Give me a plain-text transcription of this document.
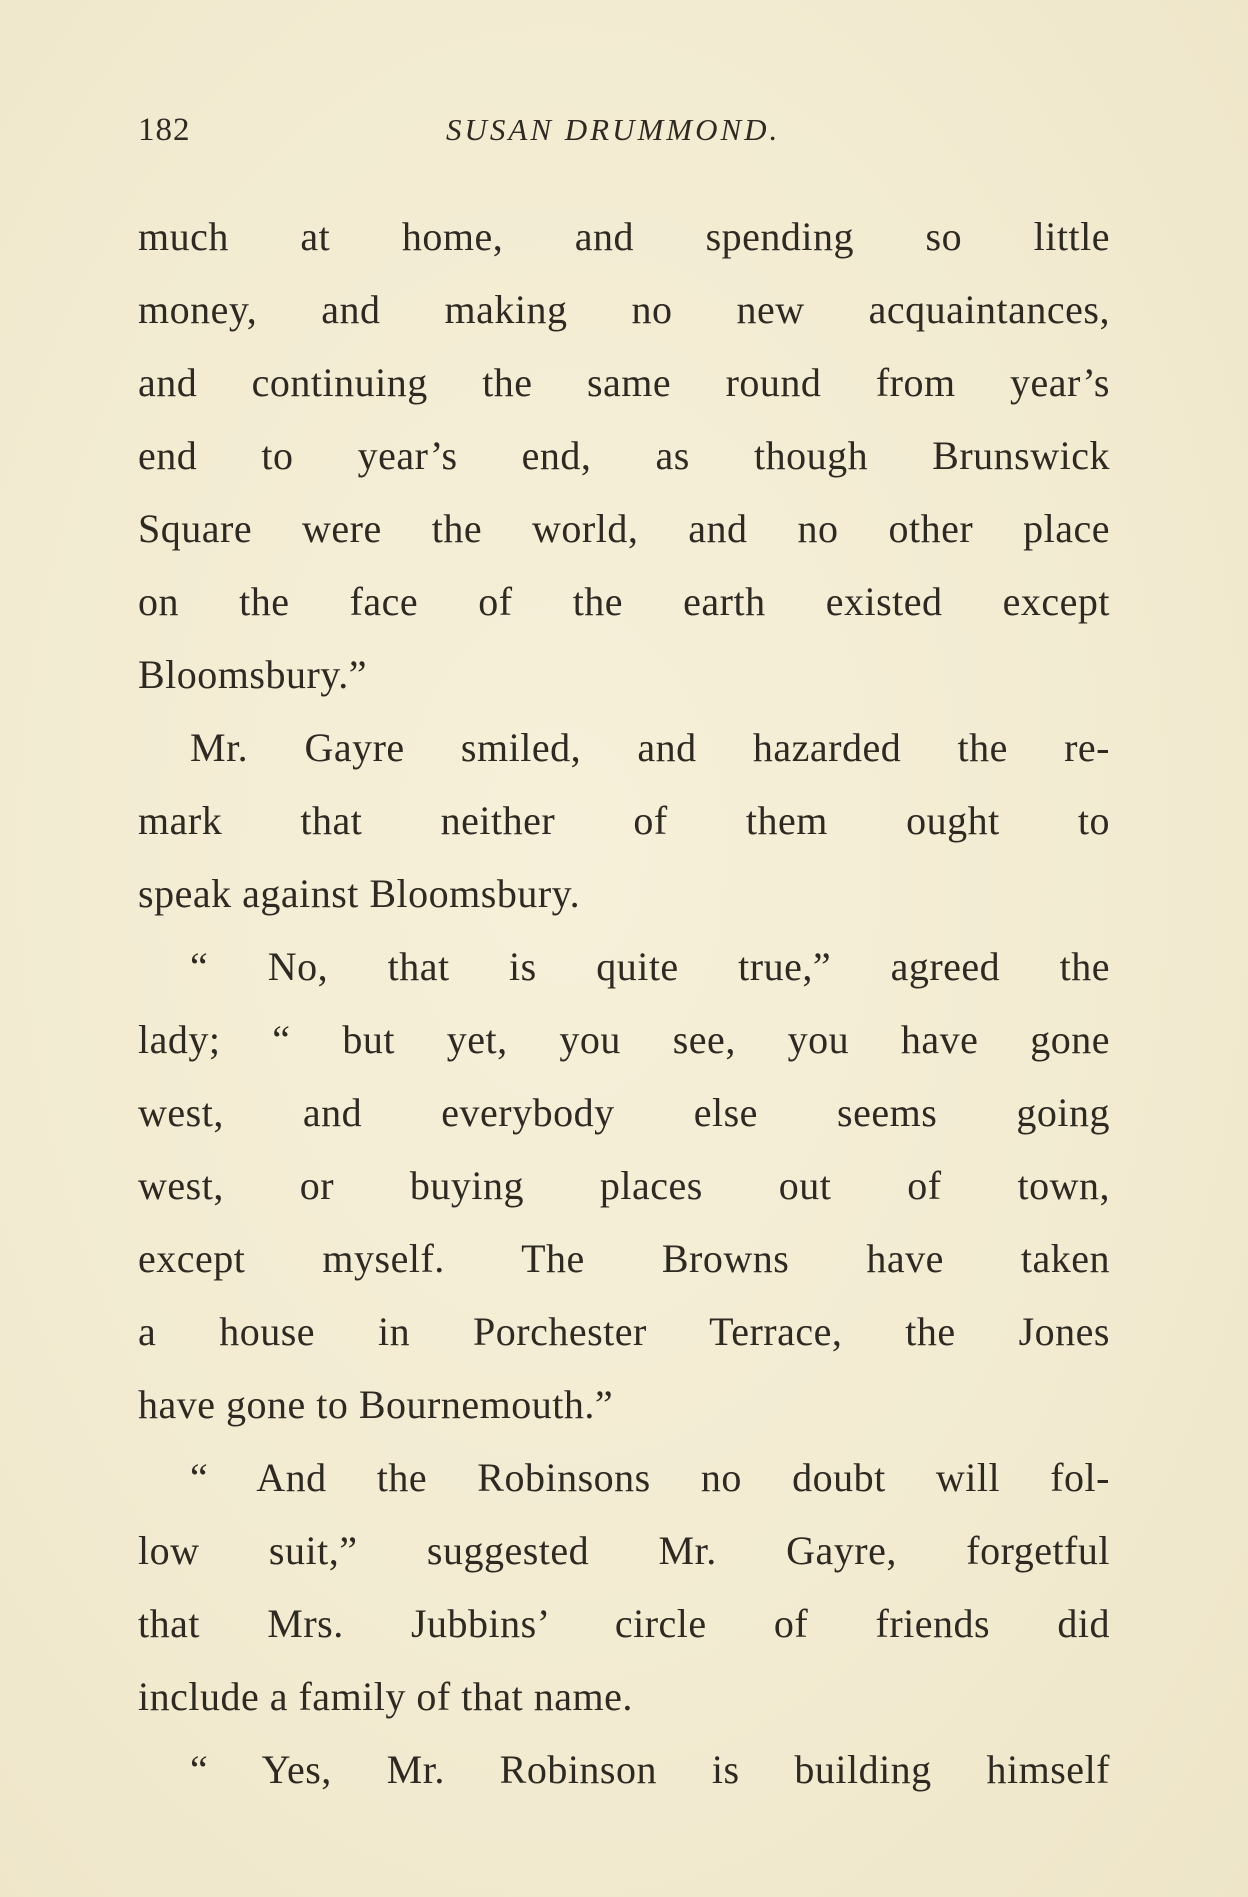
182	SUSAN DRUMMOND.
much at home, and spending so little
money, and making no new acquaintances,
and continuing the same round from year’s
end to year’s end, as though Brunswick
Square were the world, and no other place
on the face of the earth existed except
Bloomsbury.”
Mr. Gayre smiled, and hazarded the re-
mark that neither of them ought to
speak against Bloomsbury.
“ No, that is quite true,” agreed the
lady; “ but yet, you see, you have gone
west, and everybody else seems going
west, or buying places out of town,
except myself. The Browns have taken
a house in Porchester Terrace, the Jones
have gone to Bournemouth.”
“ And the Robinsons no doubt will fol-
low suit,” suggested Mr. Gayre, forgetful
that Mrs. Jubbins’ circle of friends did
include a family of that name.
“ Yes, Mr. Robinson is building himself
